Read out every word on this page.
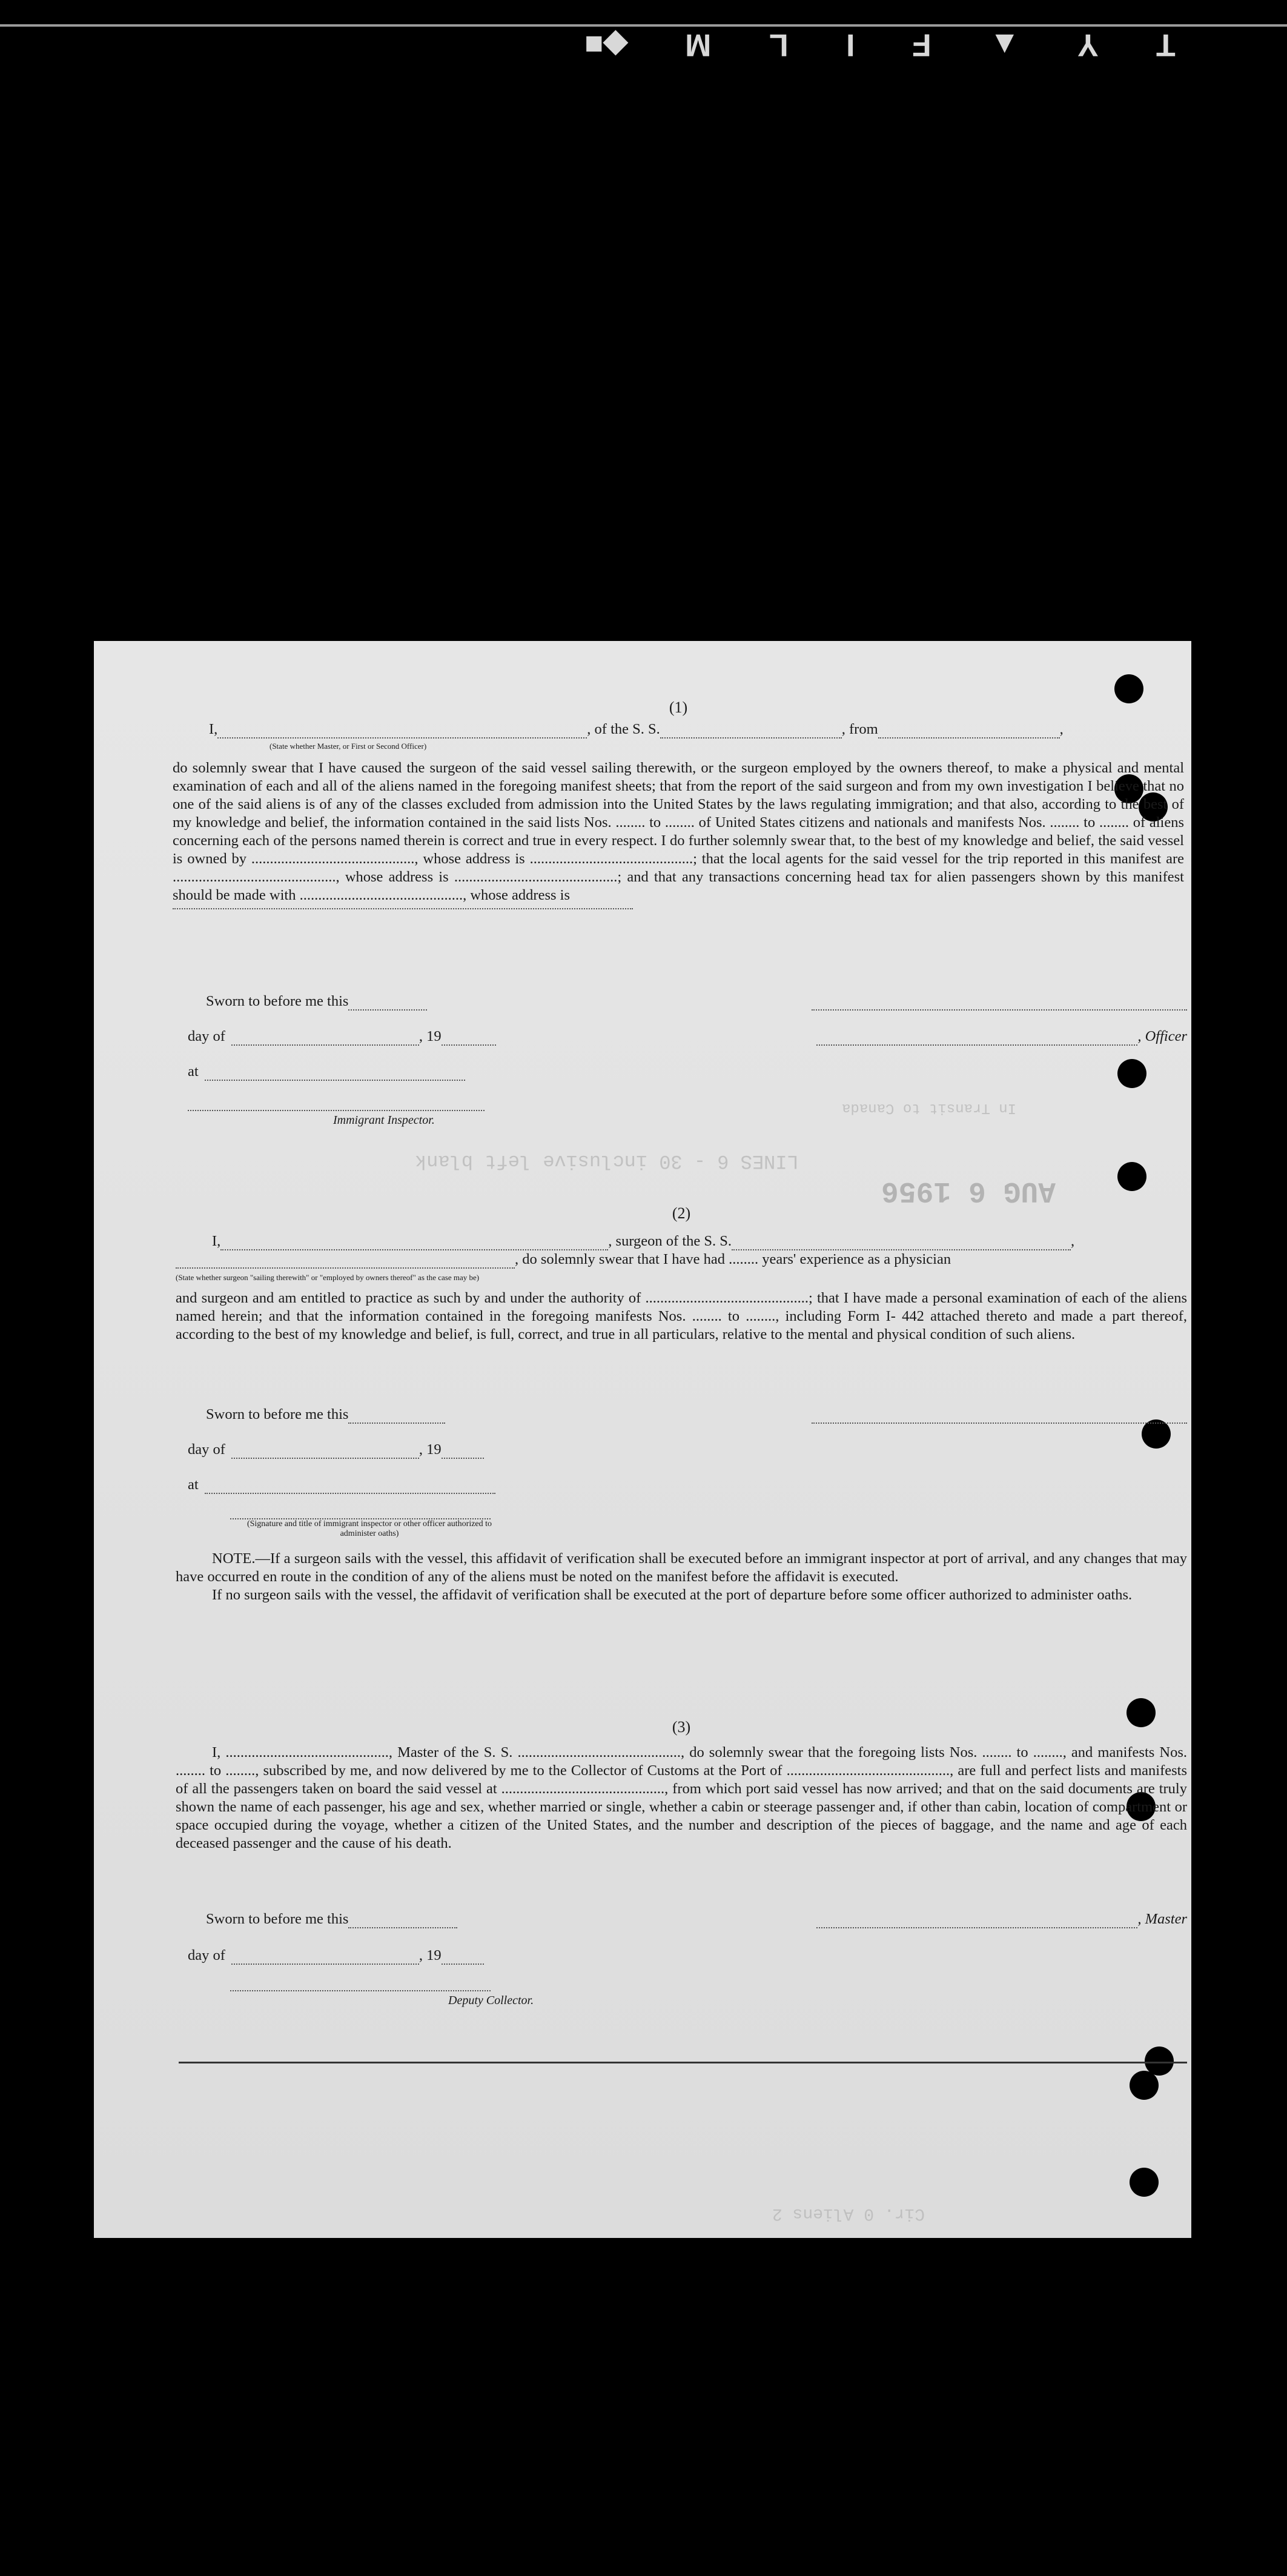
◆■ M L I F ▲ Y T
AUG 6 1956
In Transit to Canada
LINES 6 - 30 inclusive left blank
Cir. 0 Aliens 2
(1)
I,	, of the S. S.	, from	,
(State whether Master, or First or Second Officer)

do solemnly swear that I have caused the surgeon of the said vessel sailing therewith, or the surgeon employed by the owners thereof, to make a physical and mental examination of each and all of the aliens named in the foregoing manifest sheets; that from the report of the said surgeon and from my own investigation I believe that no one of the said aliens is of any of the classes excluded from admission into the United States by the laws regulating immigration; and that also, according to the best of my knowledge and belief, the information contained in the said lists Nos. ........ to ........ of United States citizens and nationals and manifests Nos. ........ to ........ of aliens concerning each of the persons named therein is correct and true in every respect. I do further solemnly swear that, to the best of my knowledge and belief, the said vessel is owned by ............................................, whose address is ............................................; that the local agents for the said vessel for the trip reported in this manifest are ............................................, whose address is ............................................; and that any transactions concerning head tax for alien passengers shown by this manifest should be made with ............................................, whose address is

Sworn to before me this
day of	, 19	, Officer
at
Immigrant Inspector.
(2)
I,	, surgeon of the S. S.	,
, do solemnly swear that I have had ........ years' experience as a physician
(State whether surgeon "sailing therewith" or "employed by owners thereof" as the case may be)

and surgeon and am entitled to practice as such by and under the authority of ............................................; that I have made a personal examination of each of the aliens named herein; and that the information contained in the foregoing manifests Nos. ........ to ........, including Form I- 442 attached thereto and made a part thereof, according to the best of my knowledge and belief, is full, correct, and true in all particulars, relative to the mental and physical condition of such aliens.

Sworn to before me this
day of	, 19
at
(Signature and title of immigrant inspector or other officer authorized to administer oaths)

NOTE.—If a surgeon sails with the vessel, this affidavit of verification shall be executed before an immigrant inspector at port of arrival, and any changes that may have occurred en route in the condition of any of the aliens must be noted on the manifest before the affidavit is executed.

If no surgeon sails with the vessel, the affidavit of verification shall be executed at the port of departure before some officer authorized to administer oaths.

(3)

I, ............................................, Master of the S. S. ............................................, do solemnly swear that the foregoing lists Nos. ........ to ........, and manifests Nos. ........ to ........, subscribed by me, and now delivered by me to the Collector of Customs at the Port of ............................................, are full and perfect lists and manifests of all the passengers taken on board the said vessel at ............................................, from which port said vessel has now arrived; and that on the said documents are truly shown the name of each passenger, his age and sex, whether married or single, whether a cabin or steerage passenger and, if other than cabin, location of compartment or space occupied during the voyage, whether a citizen of the United States, and the number and description of the pieces of baggage, and the name and age of each deceased passenger and the cause of his death.

Sworn to before me this	, Master
day of	, 19
Deputy Collector.
